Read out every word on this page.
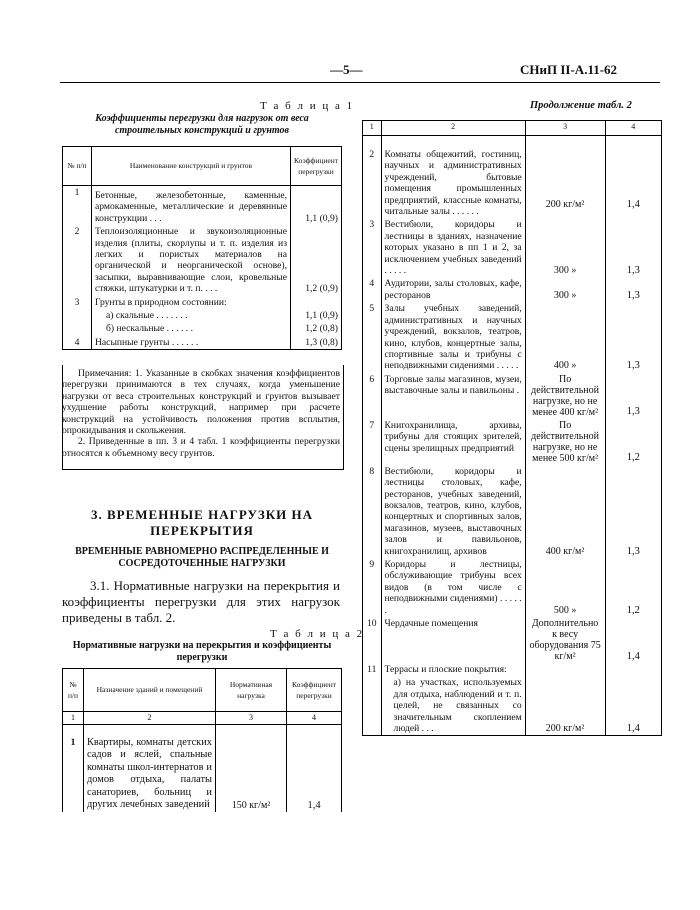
—5—	СНиП II-А.11-62
Т а б л и ц а 1
Коэффициенты перегрузки для нагрузок от веса строительных конструкций и грунтов
№ п/п	Наименование конструкций и грунтов	Коэффициент перегрузки
1	Бетонные, железобетонные, каменные, армокаменные, металлические и деревянные конструкции . . .	1,1 (0,9)
2	Теплоизоляционные и звукоизоляционные изделия (плиты, скорлупы и т. п. изделия из легких и пористых материалов на органической и неорганической основе), засыпки, выравнивающие слои, кровельные стяжки, штукатурки и т. п. . . .	1,2 (0,9)
3	Грунты в природном состоянии:	
	а) скальные . . . . . . .	1,1 (0,9)
	б) нескальные . . . . . .	1,2 (0,8)
4	Насыпные грунты . . . . . .	1,3 (0,8)

Примечания: 1. Указанные в скобках значения коэффициентов перегрузки принимаются в тех случаях, когда уменьшение нагрузки от веса строительных конструкций и грунтов вызывает ухудшение работы конструкций, например при расчете конструкций на устойчивость положения против всплытия, опрокидывания и скольжения.

2. Приведенные в пп. 3 и 4 табл. 1 коэффициенты перегрузки относятся к объемному весу грунтов.

3. ВРЕМЕННЫЕ НАГРУЗКИ НА ПЕРЕКРЫТИЯ
ВРЕМЕННЫЕ РАВНОМЕРНО РАСПРЕДЕЛЕННЫЕ И СОСРЕДОТОЧЕННЫЕ НАГРУЗКИ
3.1. Нормативные нагрузки на перекрытия и коэффициенты перегрузки для этих нагрузок приведены в табл. 2.
Т а б л и ц а 2
Нормативные нагрузки на перекрытия и коэффициенты перегрузки
№ п/п	Назначение зданий и помещений	Нормативная нагрузка	Коэффициент перегрузки
1	2	3	4
1	Квартиры, комнаты детских садов и яслей, спальные комнаты школ-интернатов и домов отдыха, палаты санаториев, больниц и других лечебных заведений	150 кг/м²	1,4
Продолжение табл. 2
1	2	3	4

2	Комнаты общежитий, гостиниц, научных и административных учреждений, бытовые помещения промышленных предприятий, классные комнаты, читальные залы . . . . . .	200 кг/м²	1,4
3	Вестибюли, коридоры и лестницы в зданиях, назначение которых указано в пп 1 и 2, за исключением учебных заведений . . . . .	300 »	1,3
4	Аудитории, залы столовых, кафе, ресторанов	300 »	1,3
5	Залы учебных заведений, административных и научных учреждений, вокзалов, театров, кино, клубов, концертные залы, спортивные залы и трибуны с неподвижными сидениями . . . . .	400 »	1,3
6	Торговые залы магазинов, музеи, выставочные залы и павильоны .	По действительной нагрузке, но не менее 400 кг/м²	1,3
7	Книгохранилища, архивы, трибуны для стоящих зрителей, сцены зрелищных предприятий	По действительной нагрузке, но не менее 500 кг/м²	1,2
8	Вестибюли, коридоры и лестницы столовых, кафе, ресторанов, учебных заведений, вокзалов, театров, кино, клубов, концертных и спортивных залов, магазинов, музеев, выставочных залов и павильонов, книгохранилищ, архивов	400 кг/м²	1,3
9	Коридоры и лестницы, обслуживающие трибуны всех видов (в том числе с неподвижными сидениями) . . . . . .	500 »	1,2
10	Чердачные помещения	Дополнительно к весу оборудования 75 кг/м²	1,4
11	Террасы и плоские покрытия:		
	а) на участках, используемых для отдыха, наблюдений и т. п. целей, не связанных со значительным скоплением людей . . .	200 кг/м²	1,4
